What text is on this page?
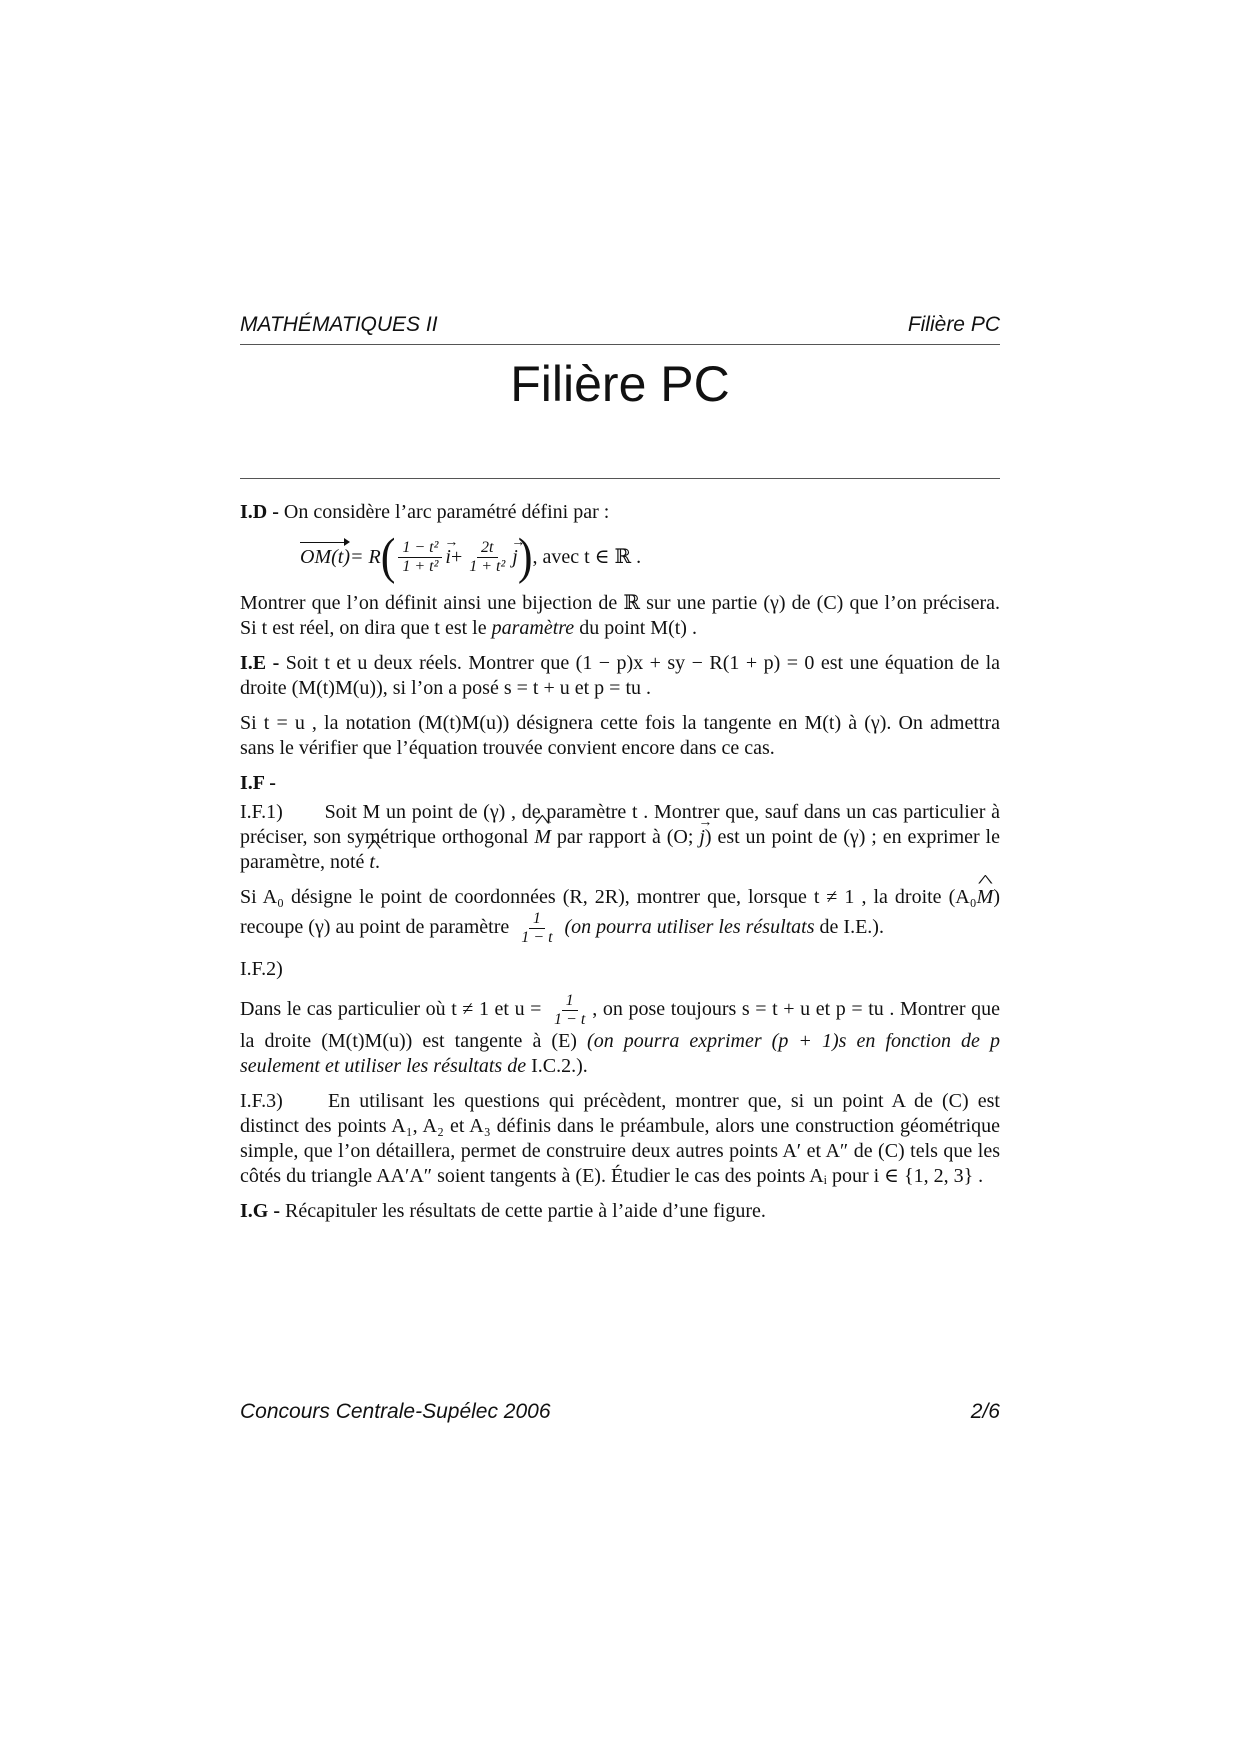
MATHÉMATIQUES II	Filière PC
Filière PC

I.D - On considère l’arc paramétré défini par :

OM(t) = R ( $\frac{\text{1 − t²}}{\text{1 + t²}}$
→ $i + \frac{2t}{\text{1 + t²}}$
→ j ) , avec t ∈ ℝ .

Montrer que l’on définit ainsi une bijection de ℝ sur une partie (γ) de (C) que l’on précisera. Si t est réel, on dira que t est le paramètre du point M(t) .

I.E - Soit t et u deux réels. Montrer que (1 − p)x + sy − R(1 + p) = 0 est une équation de la droite (M(t)M(u)), si l’on a posé s = t + u et p = tu .

Si t = u , la notation (M(t)M(u)) désignera cette fois la tangente en M(t) à (γ). On admettra sans le vérifier que l’équation trouvée convient encore dans ce cas.

I.F -

I.F.1) Soit M un point de (γ) , de paramètre t . Montrer que, sauf dans un cas particulier à préciser, son symétrique orthogonal ^ M par rapport à (O; → j) est un point de (γ) ; en exprimer le paramètre, noté ^ t.

Si A₀ désigne le point de coordonnées (R, 2R), montrer que, lorsque t ≠ 1 , la droite (A₀^ M) recoupe (γ) au point de paramètre $\frac{1}{1 - t} (on$ pourra utiliser les résultats de I.E.).

I.F.2)

Dans le cas particulier où t ≠ 1 et $u = \frac{1}{1 - t}$ , on pose toujours s = t + u et p = tu . Montrer que la droite (M(t)M(u)) est tangente à (E) (on pourra exprimer (p + 1)s en fonction de p seulement et utiliser les résultats de I.C.2.).

I.F.3) En utilisant les questions qui précèdent, montrer que, si un point A de (C) est distinct des points A₁, A₂ et A₃ définis dans le préambule, alors une construction géométrique simple, que l’on détaillera, permet de construire deux autres points A′ et A″ de (C) tels que les côtés du triangle AA′A″ soient tangents à (E). Étudier le cas des points Aᵢ pour i ∈ {1, 2, 3} .

I.G - Récapituler les résultats de cette partie à l’aide d’une figure.

Concours Centrale-Supélec 2006	2/6
